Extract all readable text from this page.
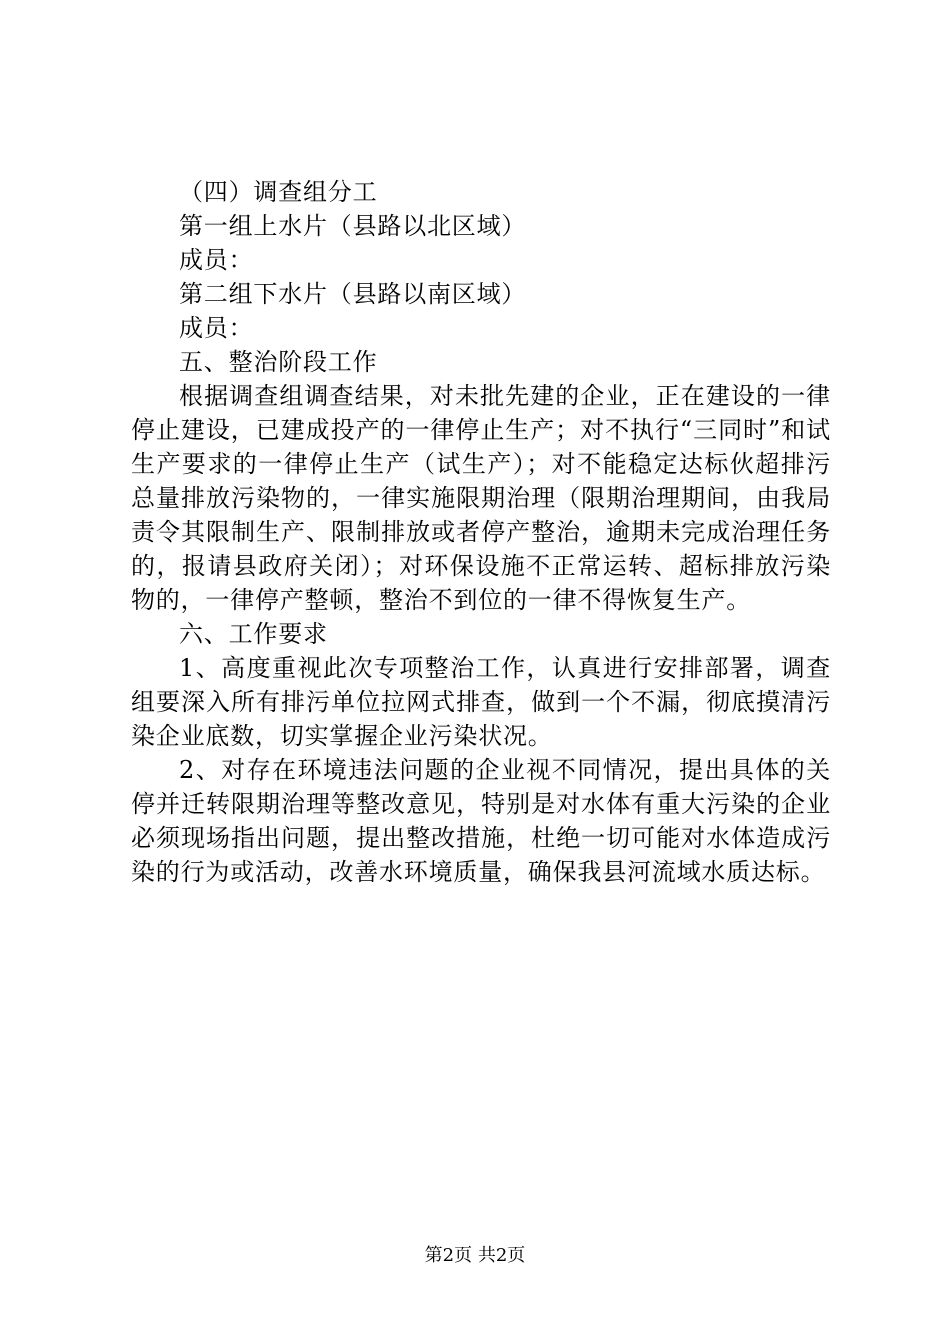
（四）调查组分工

第一组上水片（县路以北区域）

成员：

第二组下水片（县路以南区域）

成员：

五、整治阶段工作

根据调查组调查结果，对未批先建的企业，正在建设的一律停止建设，已建成投产的一律停止生产；对不执行“三同时”和试生产要求的一律停止生产（试生产）；对不能稳定达标伙超排污总量排放污染物的，一律实施限期治理（限期治理期间，由我局责令其限制生产、限制排放或者停产整治，逾期未完成治理任务的，报请县政府关闭）；对环保设施不正常运转、超标排放污染物的，一律停产整顿，整治不到位的一律不得恢复生产。

六、工作要求

1、高度重视此次专项整治工作，认真进行安排部署，调查组要深入所有排污单位拉网式排查，做到一个不漏，彻底摸清污染企业底数，切实掌握企业污染状况。

2、对存在环境违法问题的企业视不同情况，提出具体的关停并迁转限期治理等整改意见，特别是对水体有重大污染的企业必须现场指出问题，提出整改措施，杜绝一切可能对水体造成污染的行为或活动，改善水环境质量，确保我县河流域水质达标。

第2页 共2页
